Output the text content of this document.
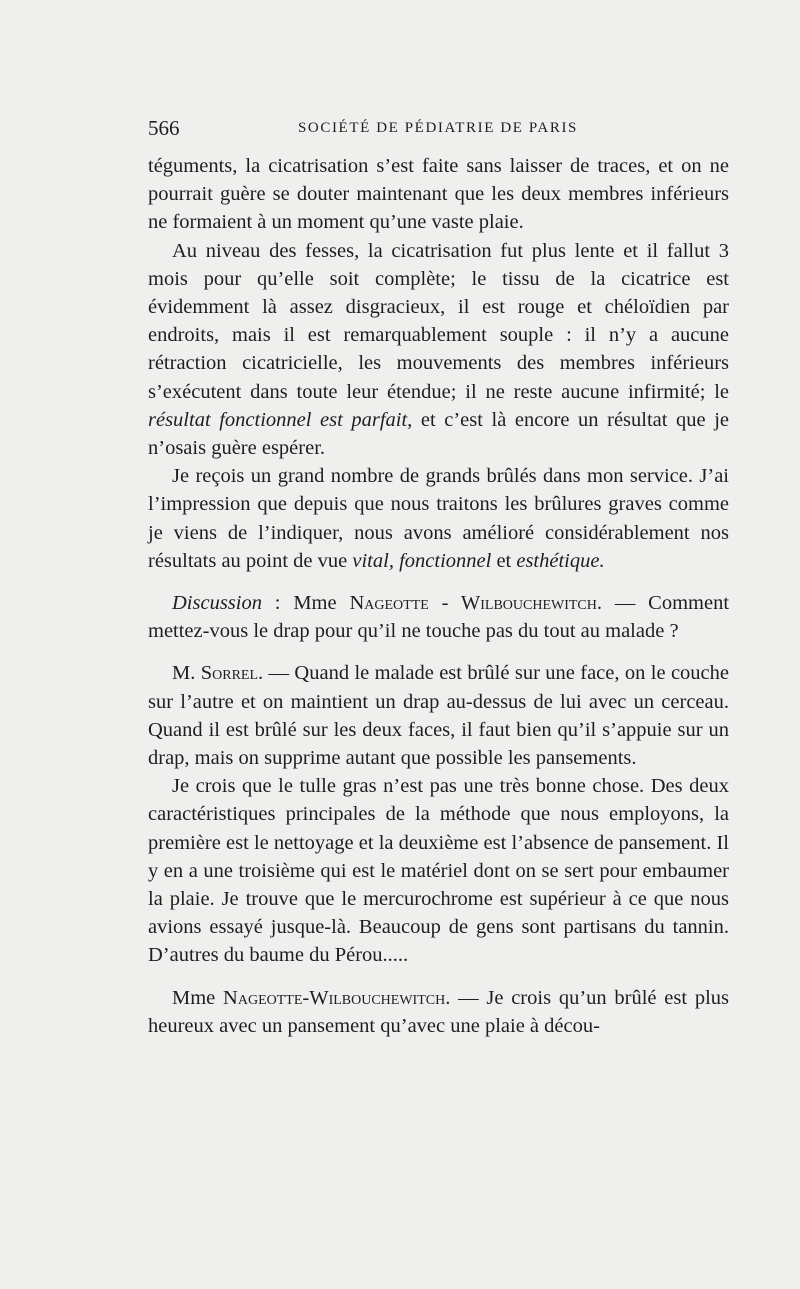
566	SOCIÉTÉ DE PÉDIATRIE DE PARIS

téguments, la cicatrisation s’est faite sans laisser de traces, et on ne pourrait guère se douter maintenant que les deux membres inférieurs ne formaient à un moment qu’une vaste plaie.

Au niveau des fesses, la cicatrisation fut plus lente et il fallut 3 mois pour qu’elle soit complète; le tissu de la cicatrice est évidemment là assez disgracieux, il est rouge et chéloïdien par endroits, mais il est remarquablement souple : il n’y a aucune rétraction cicatricielle, les mouvements des membres inférieurs s’exécutent dans toute leur étendue; il ne reste aucune infirmité; le résultat fonctionnel est parfait, et c’est là encore un résultat que je n’osais guère espérer.

Je reçois un grand nombre de grands brûlés dans mon service. J’ai l’impression que depuis que nous traitons les brûlures graves comme je viens de l’indiquer, nous avons amélioré considérablement nos résultats au point de vue vital, fonctionnel et esthétique.

Discussion : Mme Nageotte - Wilbouchewitch. — Comment mettez-vous le drap pour qu’il ne touche pas du tout au malade ?

M. Sorrel. — Quand le malade est brûlé sur une face, on le couche sur l’autre et on maintient un drap au-dessus de lui avec un cerceau. Quand il est brûlé sur les deux faces, il faut bien qu’il s’appuie sur un drap, mais on supprime autant que possible les pansements.

Je crois que le tulle gras n’est pas une très bonne chose. Des deux caractéristiques principales de la méthode que nous employons, la première est le nettoyage et la deuxième est l’absence de pansement. Il y en a une troisième qui est le matériel dont on se sert pour embaumer la plaie. Je trouve que le mercurochrome est supérieur à ce que nous avions essayé jusque-là. Beaucoup de gens sont partisans du tannin. D’autres du baume du Pérou.....

Mme Nageotte-Wilbouchewitch. — Je crois qu’un brûlé est plus heureux avec un pansement qu’avec une plaie à décou-
